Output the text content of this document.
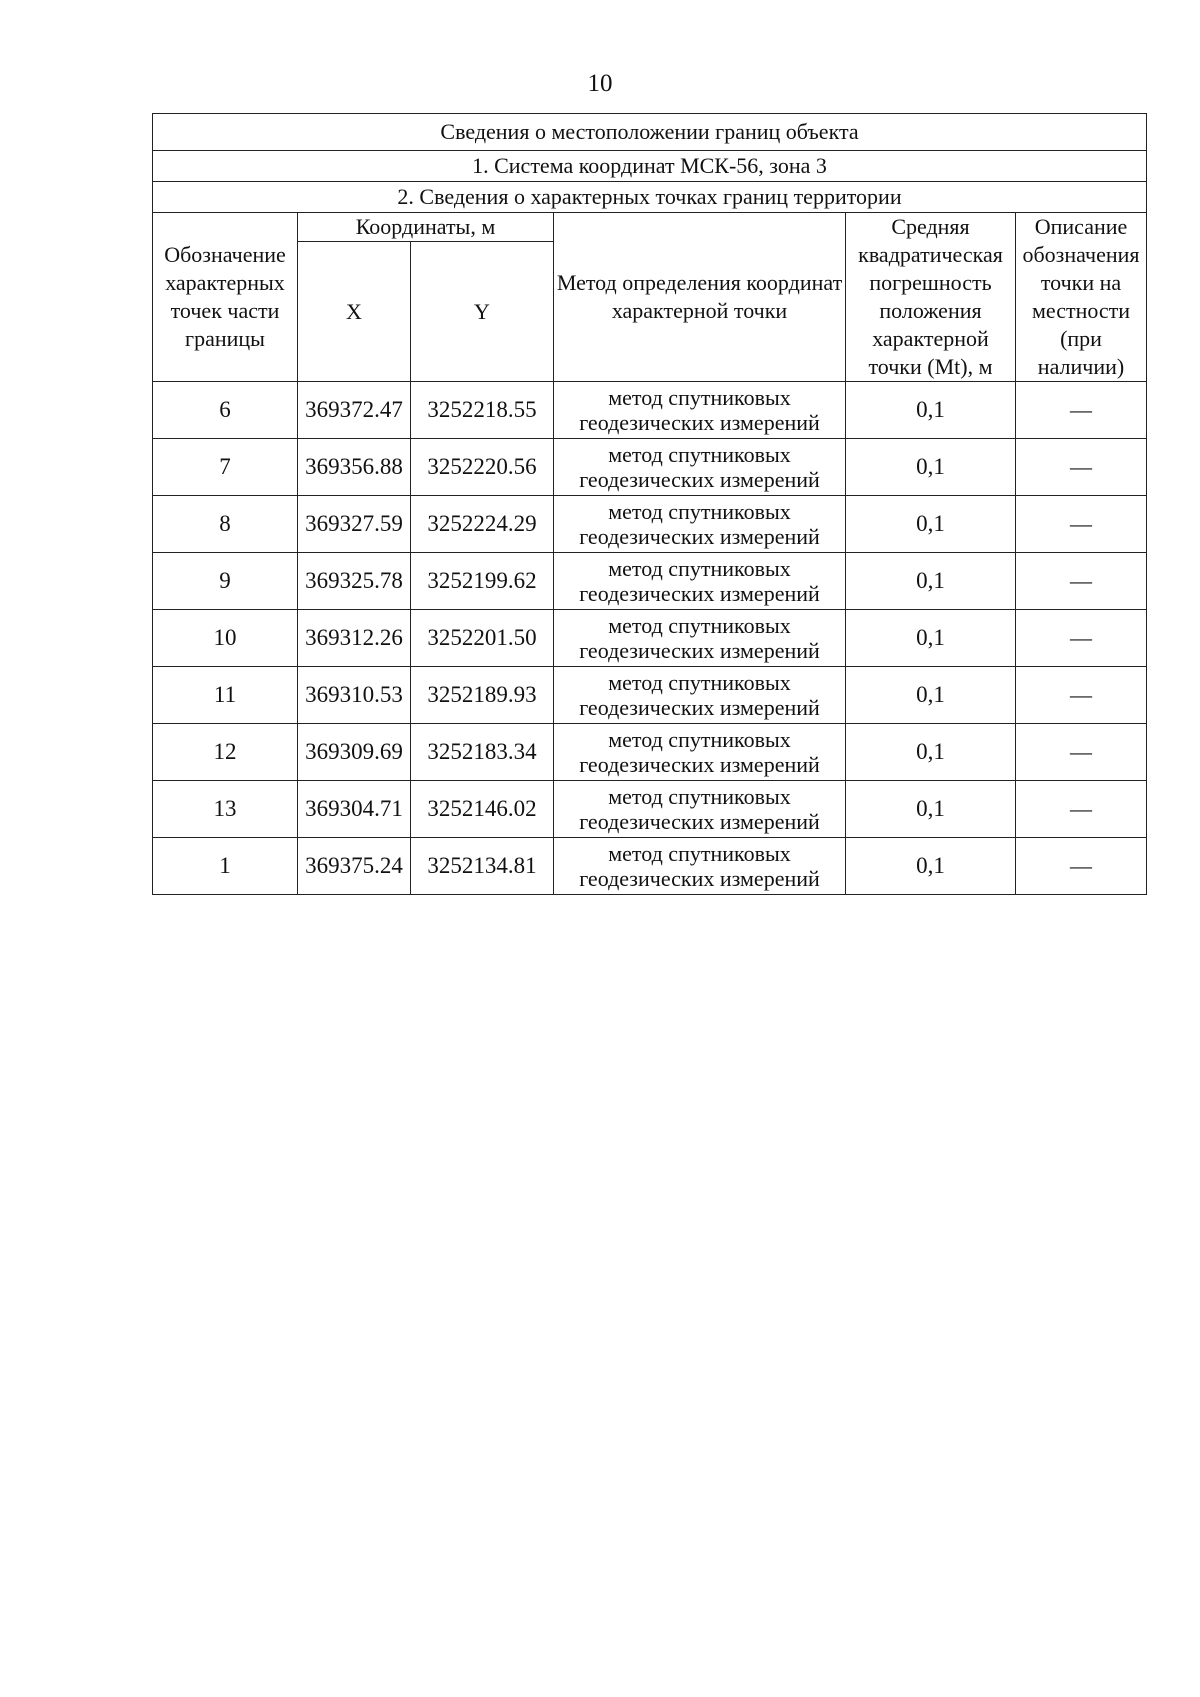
10
Сведения о местоположении границ объекта					
1. Система координат МСК-56, зона 3					
2. Сведения о характерных точках границ территории					
Обозначение характерных точек части границы	Координаты, м		Метод определения координат характерной точки	Средняя квадратическая погрешность положения характерной точки (Mt), м	Описание обозначения точки на местности (при наличии)
	X	Y			
6	369372.47	3252218.55	метод спутниковых геодезических измерений	0,1	—
7	369356.88	3252220.56	метод спутниковых геодезических измерений	0,1	—
8	369327.59	3252224.29	метод спутниковых геодезических измерений	0,1	—
9	369325.78	3252199.62	метод спутниковых геодезических измерений	0,1	—
10	369312.26	3252201.50	метод спутниковых геодезических измерений	0,1	—
11	369310.53	3252189.93	метод спутниковых геодезических измерений	0,1	—
12	369309.69	3252183.34	метод спутниковых геодезических измерений	0,1	—
13	369304.71	3252146.02	метод спутниковых геодезических измерений	0,1	—
1	369375.24	3252134.81	метод спутниковых геодезических измерений	0,1	—
